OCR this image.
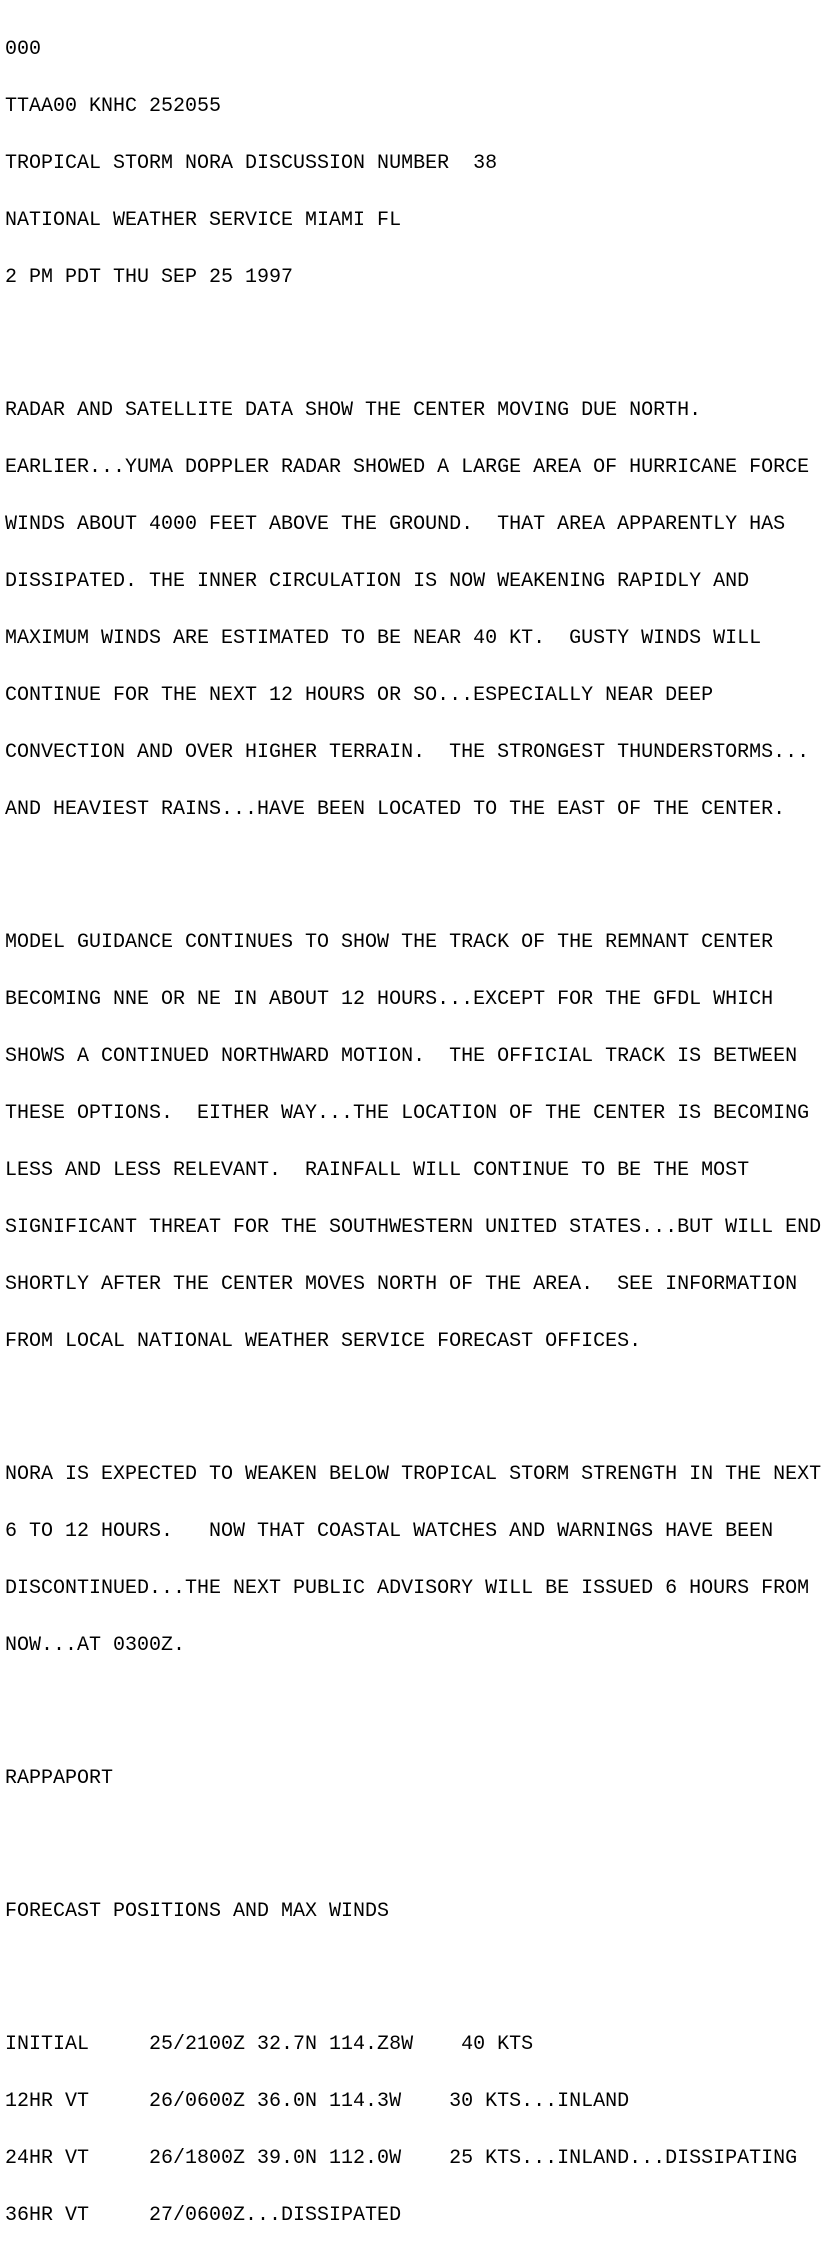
000

TTAA00 KNHC 252055

TROPICAL STORM NORA DISCUSSION NUMBER  38

NATIONAL WEATHER SERVICE MIAMI FL

2 PM PDT THU SEP 25 1997

RADAR AND SATELLITE DATA SHOW THE CENTER MOVING DUE NORTH.

EARLIER...YUMA DOPPLER RADAR SHOWED A LARGE AREA OF HURRICANE FORCE

WINDS ABOUT 4000 FEET ABOVE THE GROUND.  THAT AREA APPARENTLY HAS

DISSIPATED. THE INNER CIRCULATION IS NOW WEAKENING RAPIDLY AND

MAXIMUM WINDS ARE ESTIMATED TO BE NEAR 40 KT.  GUSTY WINDS WILL

CONTINUE FOR THE NEXT 12 HOURS OR SO...ESPECIALLY NEAR DEEP

CONVECTION AND OVER HIGHER TERRAIN.  THE STRONGEST THUNDERSTORMS...

AND HEAVIEST RAINS...HAVE BEEN LOCATED TO THE EAST OF THE CENTER.

MODEL GUIDANCE CONTINUES TO SHOW THE TRACK OF THE REMNANT CENTER

BECOMING NNE OR NE IN ABOUT 12 HOURS...EXCEPT FOR THE GFDL WHICH

SHOWS A CONTINUED NORTHWARD MOTION.  THE OFFICIAL TRACK IS BETWEEN

THESE OPTIONS.  EITHER WAY...THE LOCATION OF THE CENTER IS BECOMING

LESS AND LESS RELEVANT.  RAINFALL WILL CONTINUE TO BE THE MOST

SIGNIFICANT THREAT FOR THE SOUTHWESTERN UNITED STATES...BUT WILL END

SHORTLY AFTER THE CENTER MOVES NORTH OF THE AREA.  SEE INFORMATION

FROM LOCAL NATIONAL WEATHER SERVICE FORECAST OFFICES.

NORA IS EXPECTED TO WEAKEN BELOW TROPICAL STORM STRENGTH IN THE NEXT

6 TO 12 HOURS.   NOW THAT COASTAL WATCHES AND WARNINGS HAVE BEEN

DISCONTINUED...THE NEXT PUBLIC ADVISORY WILL BE ISSUED 6 HOURS FROM

NOW...AT 0300Z.

RAPPAPORT

FORECAST POSITIONS AND MAX WINDS

INITIAL     25/2100Z 32.7N 114.Z8W    40 KTS

12HR VT     26/0600Z 36.0N 114.3W    30 KTS...INLAND

24HR VT     26/1800Z 39.0N 112.0W    25 KTS...INLAND...DISSIPATING

36HR VT     27/0600Z...DISSIPATED
